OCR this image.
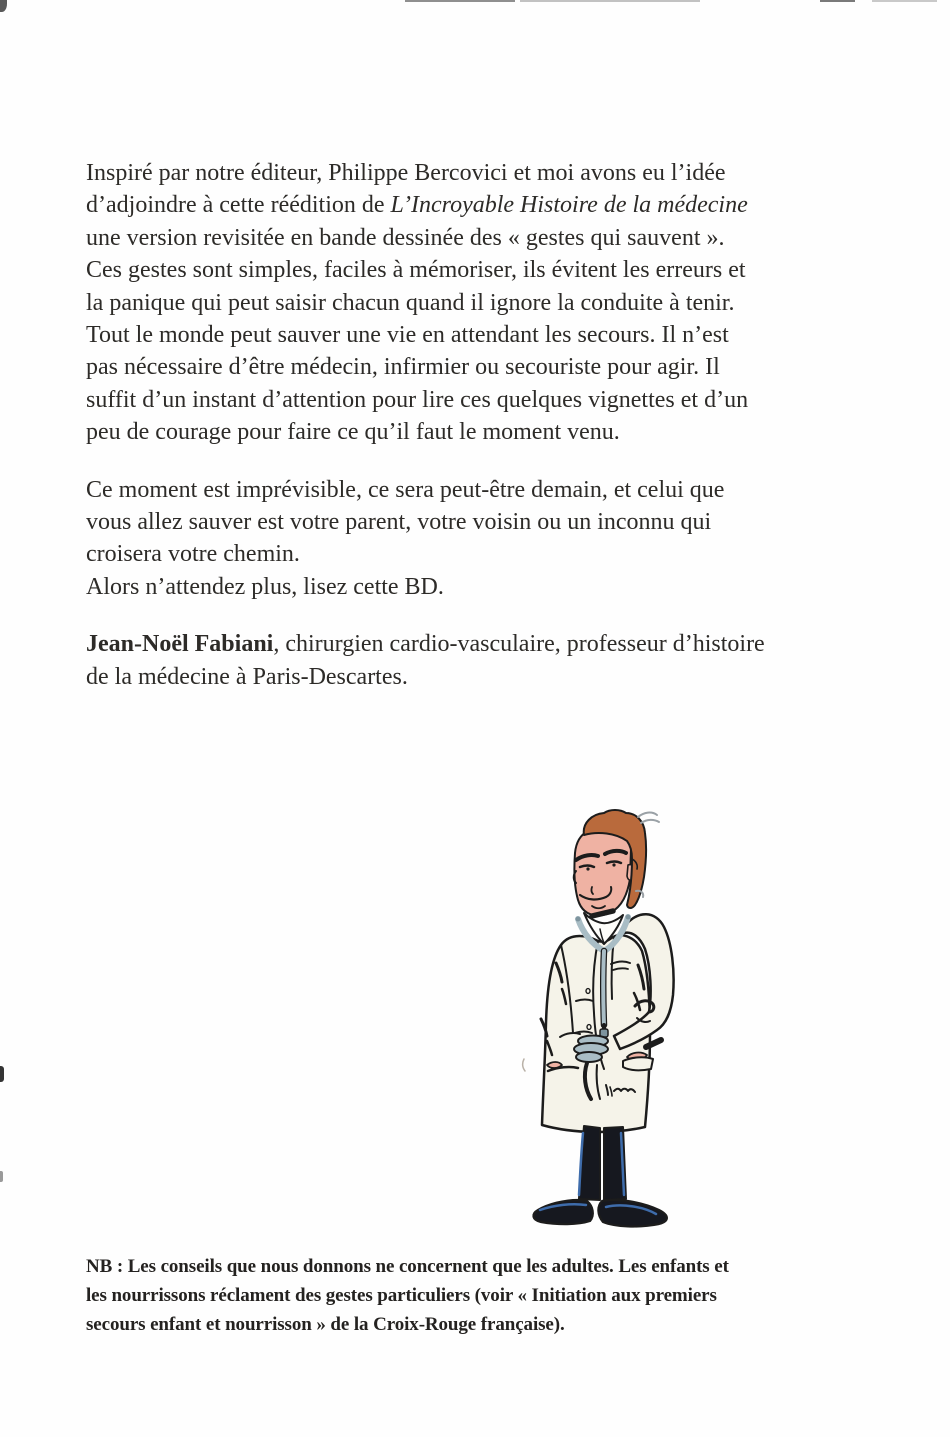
Inspiré par notre éditeur, Philippe Bercovici et moi avons eu l’idée
d’adjoindre à cette réédition de L’Incroyable Histoire de la médecine
une version revisitée en bande dessinée des « gestes qui sauvent ».
Ces gestes sont simples, faciles à mémoriser, ils évitent les erreurs et
la panique qui peut saisir chacun quand il ignore la conduite à tenir.
Tout le monde peut sauver une vie en attendant les secours. Il n’est
pas nécessaire d’être médecin, infirmier ou secouriste pour agir. Il
suffit d’un instant d’attention pour lire ces quelques vignettes et d’un
peu de courage pour faire ce qu’il faut le moment venu.

Ce moment est imprévisible, ce sera peut-être demain, et celui que
vous allez sauver est votre parent, votre voisin ou un inconnu qui
croisera votre chemin.
Alors n’attendez plus, lisez cette BD.

Jean-Noël Fabiani, chirurgien cardio-vasculaire, professeur d’histoire
de la médecine à Paris-Descartes.

NB : Les conseils que nous donnons ne concernent que les adultes. Les enfants et
les nourrissons réclament des gestes particuliers (voir « Initiation aux premiers
secours enfant et nourrisson » de la Croix-Rouge française).
